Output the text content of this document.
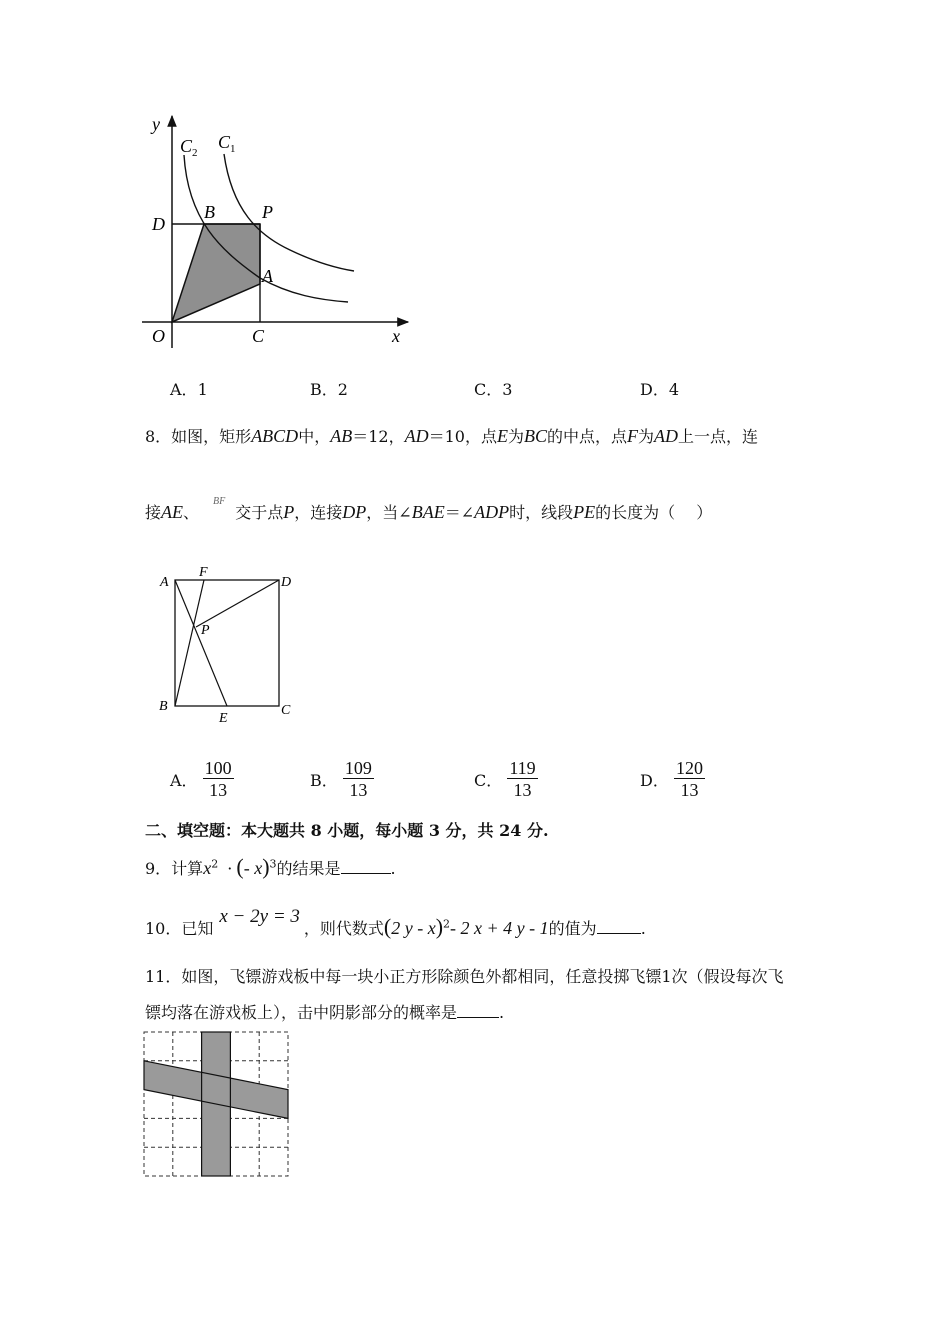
y
x
O
$C_2$
$C_1$
D
B	P
A
C
A．1	B．2	C．3	D．4
8．如图，矩形ABCD中，AB＝12，AD＝10，点E为BC的中点，点F为AD上一点，连
接AE、$^{BF}$交于点P，连接DP，当∠BAE＝∠ADP时，线段PE的长度为（　 ）
A
F
D
P
B
E
C
A． $\frac{100}{13}$	B． $\frac{109}{13}$	C． $\frac{119}{13}$	D． $\frac{120}{13}$
二、填空题：本大题共 8 小题，每小题 3 分，共 24 分.
9．计算$x^2$ · (- x)$^3$的结果是	.
10．已知x − 2y = 3，则代数式(2 y - x)$^2$- 2 x + 4 y - 1的值为	.
11．如图，飞镖游戏板中每一块小正方形除颜色外都相同，任意投掷飞镖1次（假设每次飞
镖均落在游戏板上），击中阴影部分的概率是	.
